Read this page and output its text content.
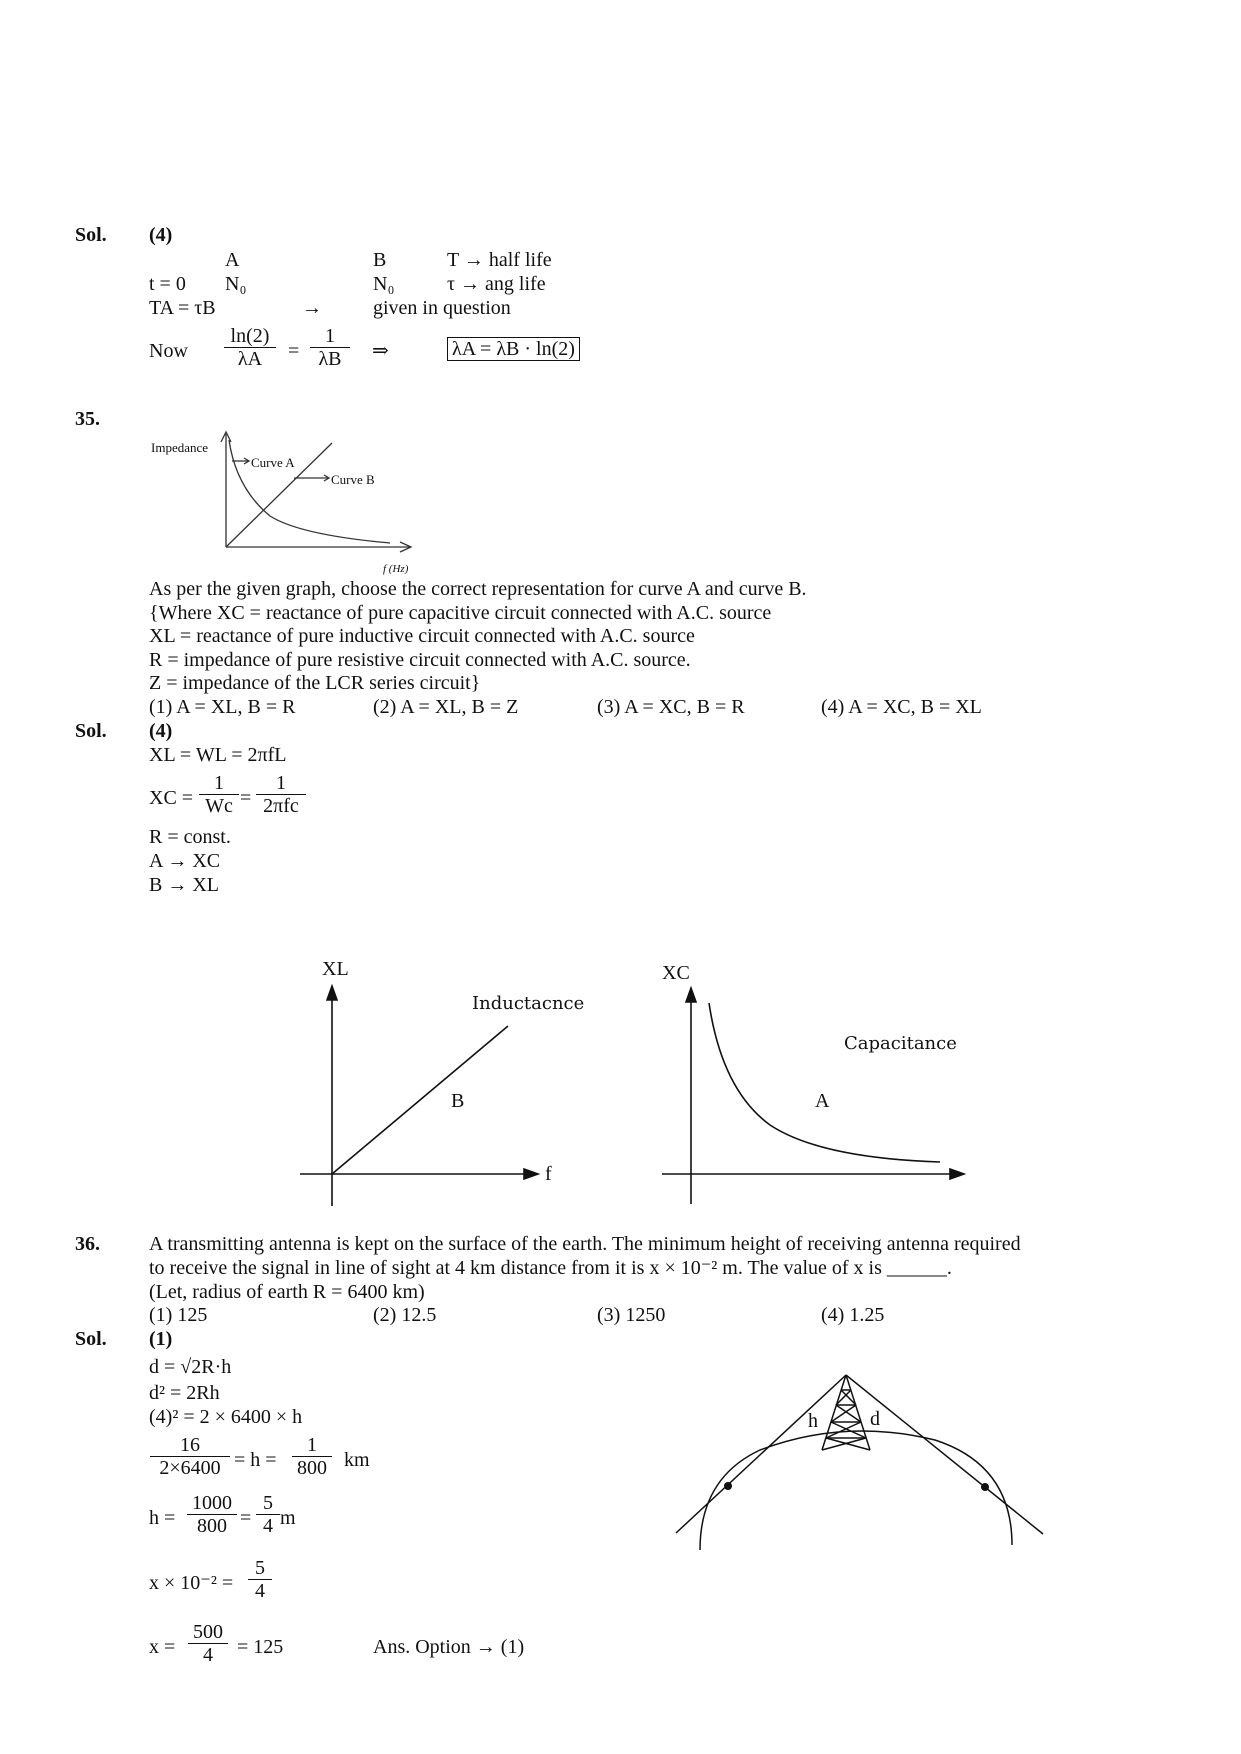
Sol. (4)
A	B	T → half life
t = 0 N₀	N₀	τ → ang life
TA = τB	→	given in question
Now $\frac{\ln(2)}{\lambda A} = \frac{1}{\lambda B}$ ⇒	λA = λB · ln(2)
35.
Impedance
Curve A
Curve B
f (Hz)
As per the given graph, choose the correct representation for curve A and curve B.
{Where XC = reactance of pure capacitive circuit connected with A.C. source
XL = reactance of pure inductive circuit connected with A.C. source
R = impedance of pure resistive circuit connected with A.C. source.
Z = impedance of the LCR series circuit}
(1) A = XL, B = R	(2) A = XL, B = Z	(3) A = XC, B = R	(4) A = XC, B = XL
Sol. (4)
XL = WL = 2πfL
XC = $\frac{1}{Wc}$ =
1
2πfc
R = const.
A → XC
B → XL
XL
f
Inductacnce
B
XC
Capacitance
A
36. A transmitting antenna is kept on the surface of the earth. The minimum height of receiving antenna required
to receive the signal in line of sight at 4 km distance from it is x × 10⁻² m. The value of x is ______.
(Let, radius of earth R = 6400 km)
(1) 125	(2) 12.5	(3) 1250	(4) 1.25
Sol. (1)
d = √2R·h
d² = 2Rh
(4)² = 2 × 6400 × h
$\frac{16}{2\times 6400} = h = \frac{1}{800}$ km
$h = \frac{1000}{800} = \frac{5}{4}$ m
$x \times 10^{-2} = \frac{5}{4}$
$x = \frac{500}{4} = 125$	Ans. Option → (1)
h	d
